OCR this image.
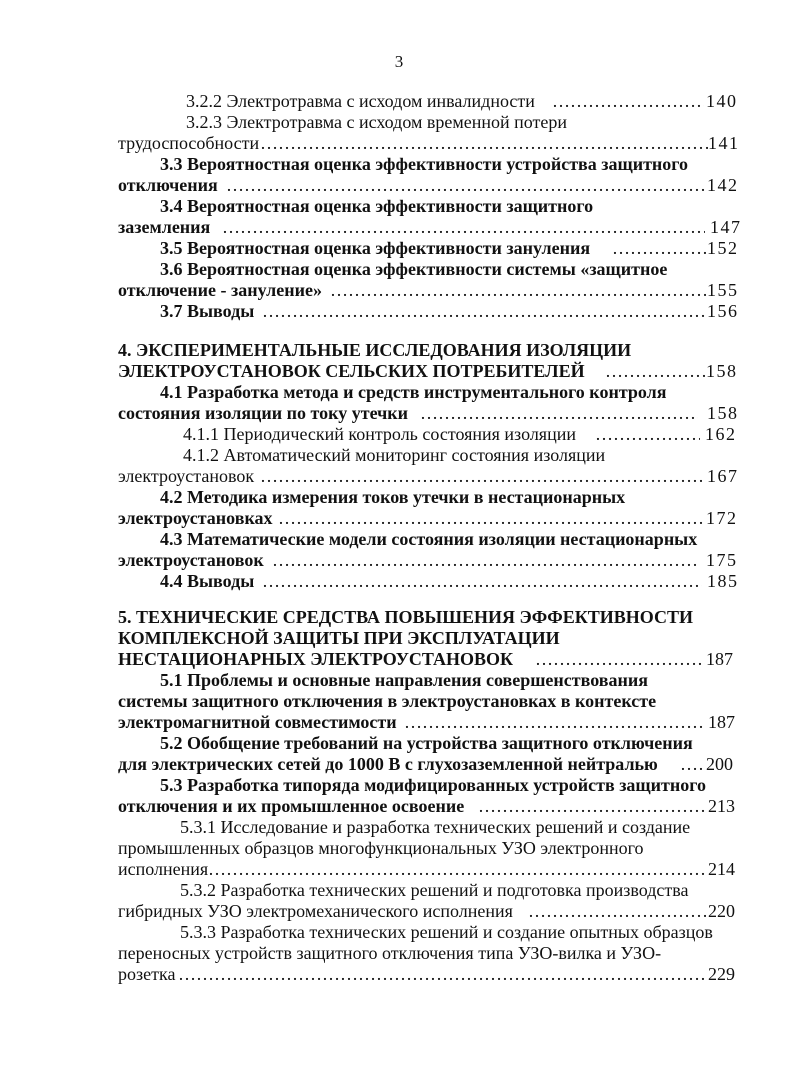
3
3.2.2 Электротравма с исходом инвалидности ………………………………………………………………………………………………………………………………………………………………	140
3.2.3 Электротравма с исходом временной потери
трудоспособности ………………………………………………………………………………………………………………………………………………………………	141
3.3 Вероятностная оценка эффективности устройства защитного
отключения ………………………………………………………………………………………………………………………………………………………………	142
3.4 Вероятностная оценка эффективности защитного
заземления ………………………………………………………………………………………………………………………………………………………………	147
3.5 Вероятностная оценка эффективности зануления ………………………………………………………………………………………………………………………………………………………………	152
3.6 Вероятностная оценка эффективности системы «защитное
отключение - зануление» ………………………………………………………………………………………………………………………………………………………………	155
3.7 Выводы ………………………………………………………………………………………………………………………………………………………………	156
4. ЭКСПЕРИМЕНТАЛЬНЫЕ ИССЛЕДОВАНИЯ ИЗОЛЯЦИИ
ЭЛЕКТРОУСТАНОВОК СЕЛЬСКИХ ПОТРЕБИТЕЛЕЙ ………………………………………………………………………………………………………………………………………………………………	158
4.1 Разработка метода и средств инструментального контроля
состояния изоляции по току утечки ………………………………………………………………………………………………………………………………………………………………	158
4.1.1 Периодический контроль состояния изоляции ………………………………………………………………………………………………………………………………………………………………	162
4.1.2 Автоматический мониторинг состояния изоляции
электроустановок ………………………………………………………………………………………………………………………………………………………………	167
4.2 Методика измерения токов утечки в нестационарных
электроустановках ………………………………………………………………………………………………………………………………………………………………	172
4.3 Математические модели состояния изоляции нестационарных
электроустановок ………………………………………………………………………………………………………………………………………………………………	175
4.4 Выводы ………………………………………………………………………………………………………………………………………………………………	185
5. ТЕХНИЧЕСКИЕ СРЕДСТВА ПОВЫШЕНИЯ ЭФФЕКТИВНОСТИ
КОМПЛЕКСНОЙ ЗАЩИТЫ ПРИ ЭКСПЛУАТАЦИИ
НЕСТАЦИОНАРНЫХ ЭЛЕКТРОУСТАНОВОК ………………………………………………………………………………………………………………………………………………………………	187
5.1 Проблемы и основные направления совершенствования
системы защитного отключения в электроустановках в контексте
электромагнитной совместимости ………………………………………………………………………………………………………………………………………………………………	187
5.2 Обобщение требований на устройства защитного отключения
для электрических сетей до 1000 В с глухозаземленной нейтралью ………………………………………………………………………………………………………………………………………………………………	200
5.3 Разработка типоряда модифицированных устройств защитного
отключения и их промышленное освоение ………………………………………………………………………………………………………………………………………………………………	213
5.3.1 Исследование и разработка технических решений и создание
промышленных образцов многофункциональных УЗО электронного
исполнения ………………………………………………………………………………………………………………………………………………………………	214
5.3.2 Разработка технических решений и подготовка производства
гибридных УЗО электромеханического исполнения ………………………………………………………………………………………………………………………………………………………………	220
5.3.3 Разработка технических решений и создание опытных образцов
переносных устройств защитного отключения типа УЗО-вилка и УЗО-
розетка ………………………………………………………………………………………………………………………………………………………………	229
